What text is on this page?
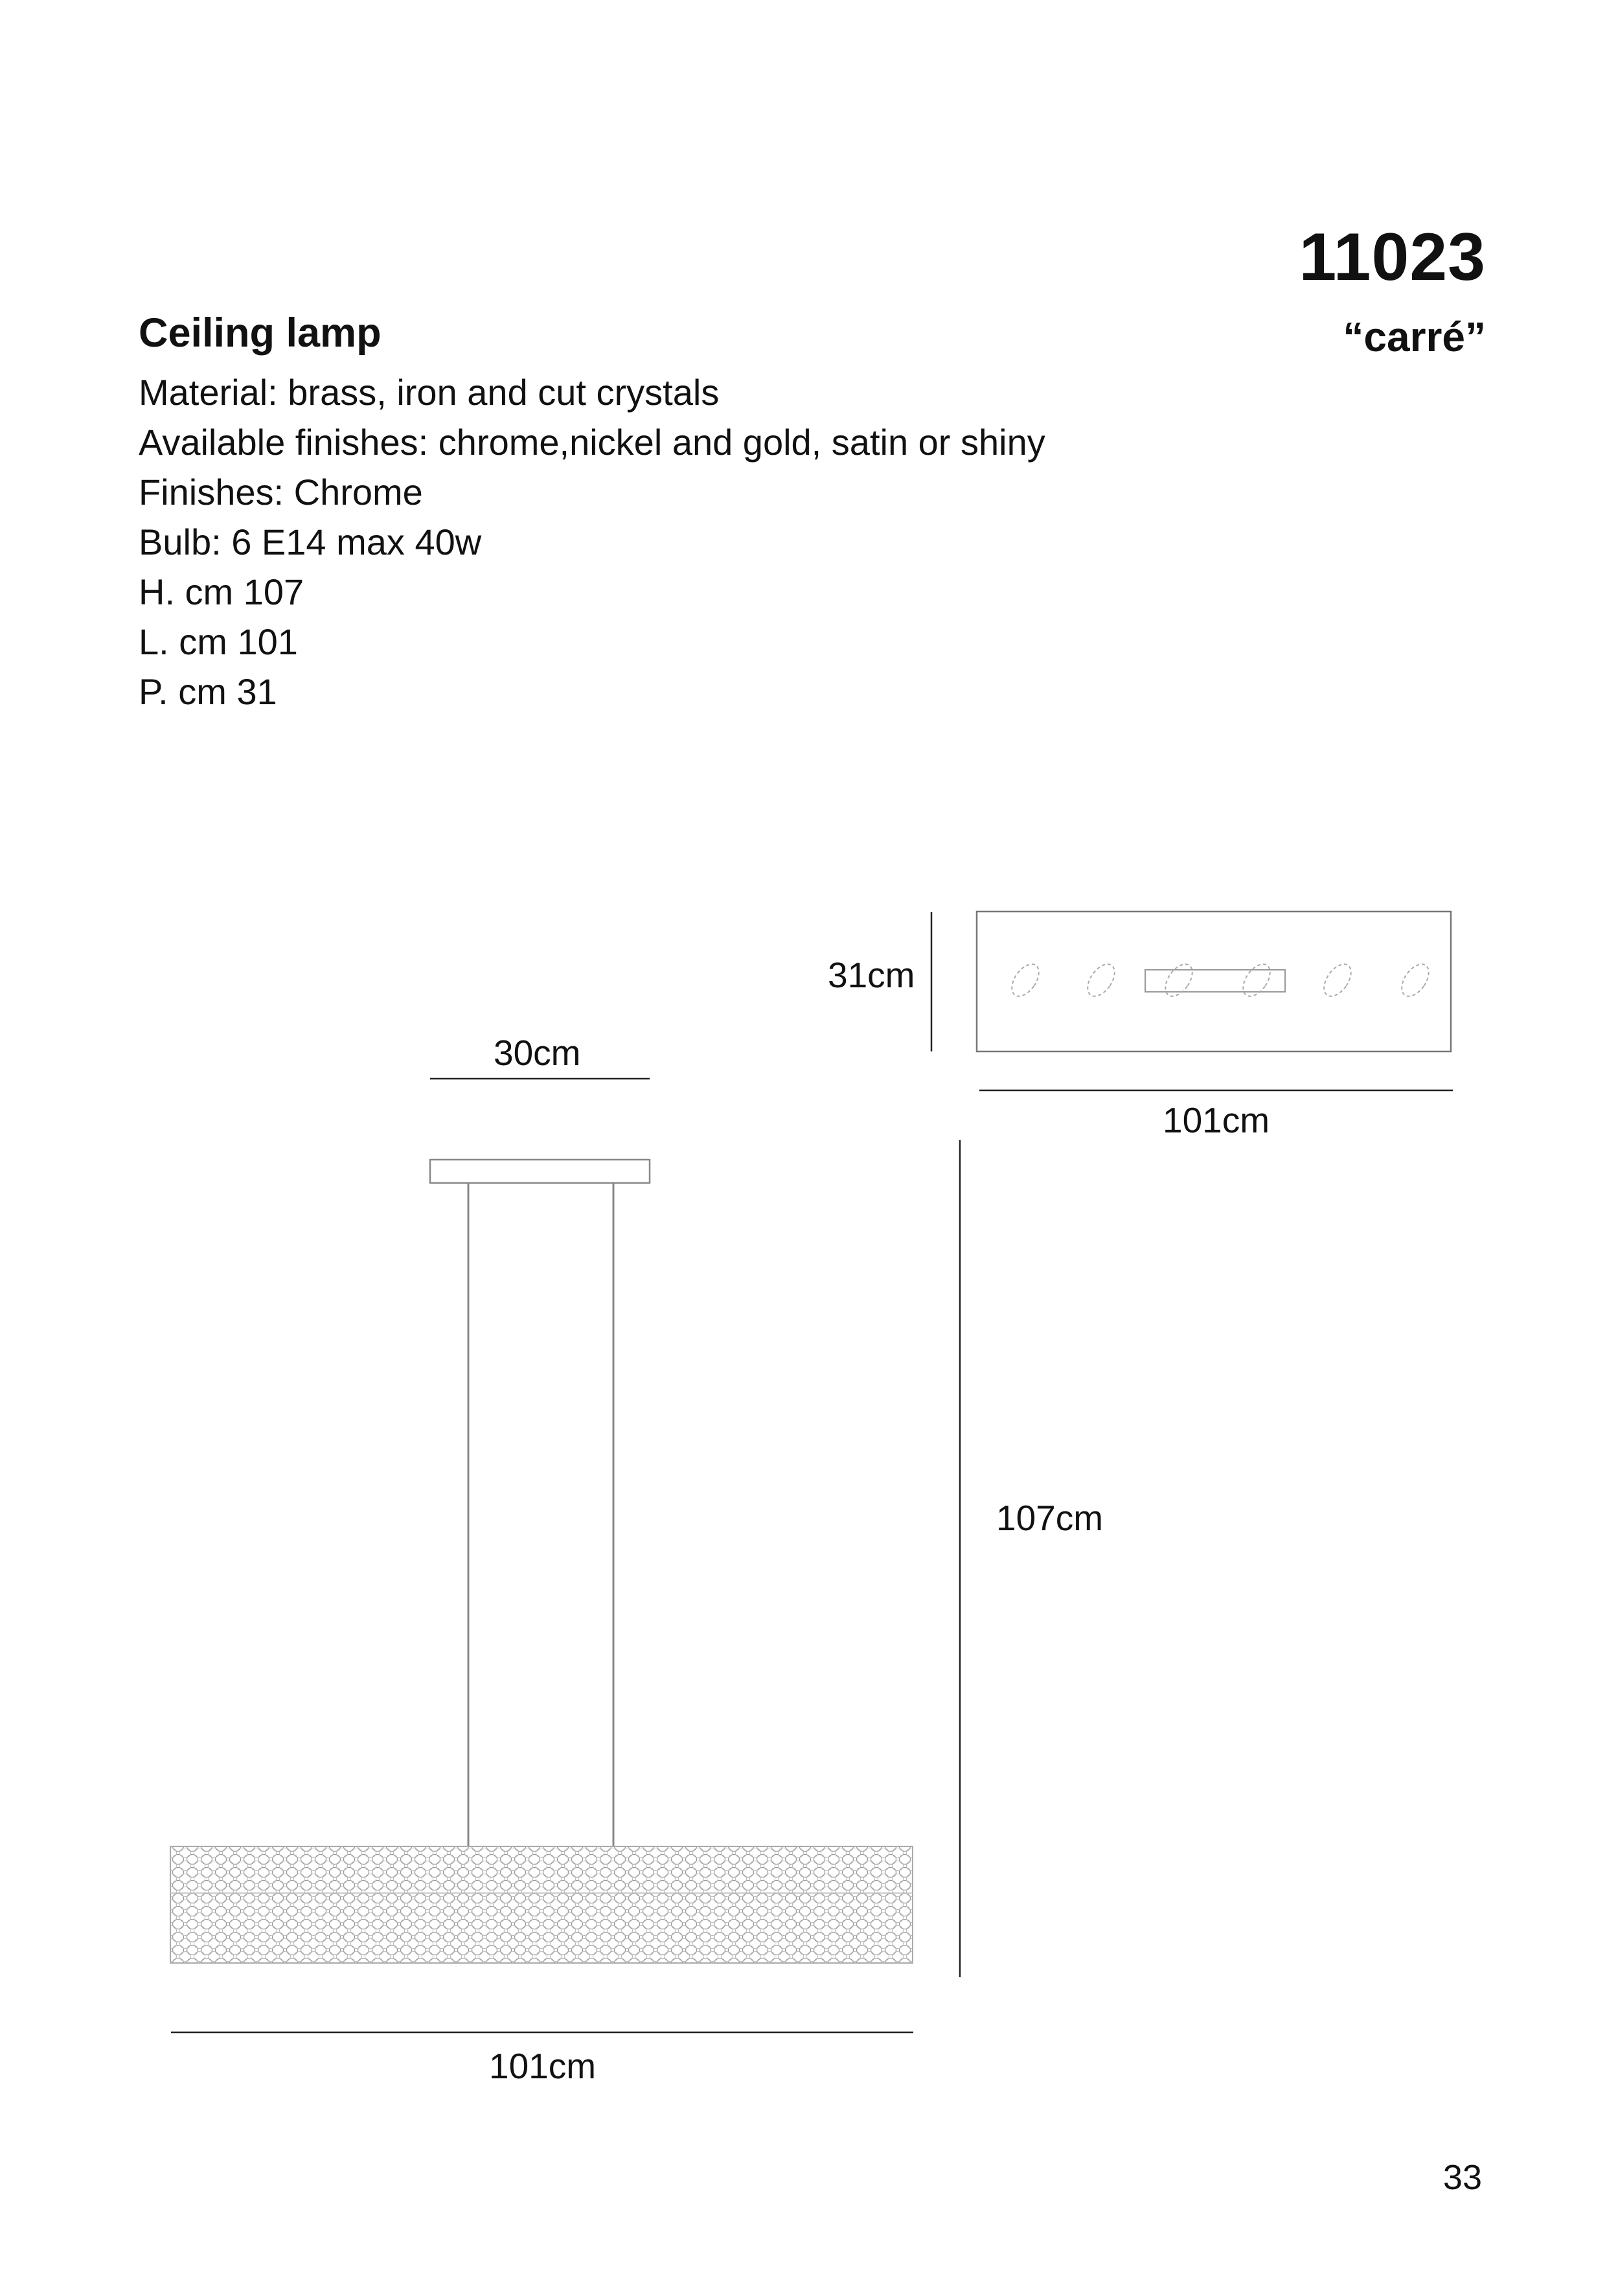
11023
“carré”
Ceiling lamp
Material: brass, iron and cut crystals
Available finishes: chrome,nickel and gold, satin or shiny
Finishes: Chrome
Bulb: 6 E14 max 40w
H. cm 107
L. cm 101
P. cm 31
31cm
30cm
101cm
107cm
101cm
33
